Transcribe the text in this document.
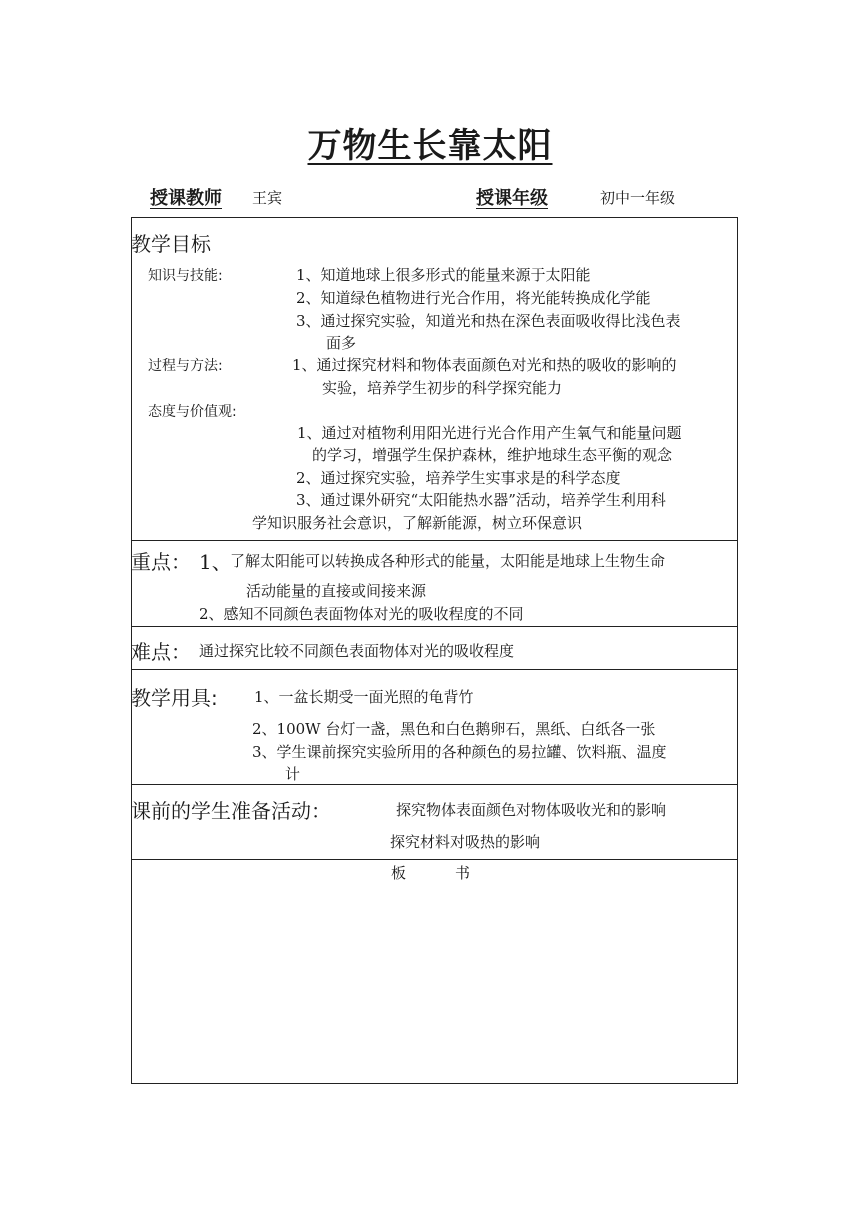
万物生长靠太阳
授课教师 王宾	授课年级	初中一年级
教学目标
知识与技能:	1、知道地球上很多形式的能量来源于太阳能
2、知道绿色植物进行光合作用，将光能转换成化学能
3、通过探究实验，知道光和热在深色表面吸收得比浅色表
面多
过程与方法:	1、通过探究材料和物体表面颜色对光和热的吸收的影响的
实验，培养学生初步的科学探究能力
态度与价值观:
1、通过对植物利用阳光进行光合作用产生氧气和能量问题
的学习，增强学生保护森林，维护地球生态平衡的观念
2、通过探究实验，培养学生实事求是的科学态度
3、通过课外研究“太阳能热水器”活动，培养学生利用科
学知识服务社会意识，了解新能源，树立环保意识
重点： 1、
了解太阳能可以转换成各种形式的能量，太阳能是地球上生物生命
活动能量的直接或间接来源
2、感知不同颜色表面物体对光的吸收程度的不同
难点： 通过探究比较不同颜色表面物体对光的吸收程度
教学用具: 1、一盆长期受一面光照的龟背竹
2、100W 台灯一盏，黑色和白色鹅卵石，黑纸、白纸各一张
3、学生课前探究实验所用的各种颜色的易拉罐、饮料瓶、温度
计
课前的学生准备活动：	探究物体表面颜色对物体吸收光和的影响
探究材料对吸热的影响
板	书
